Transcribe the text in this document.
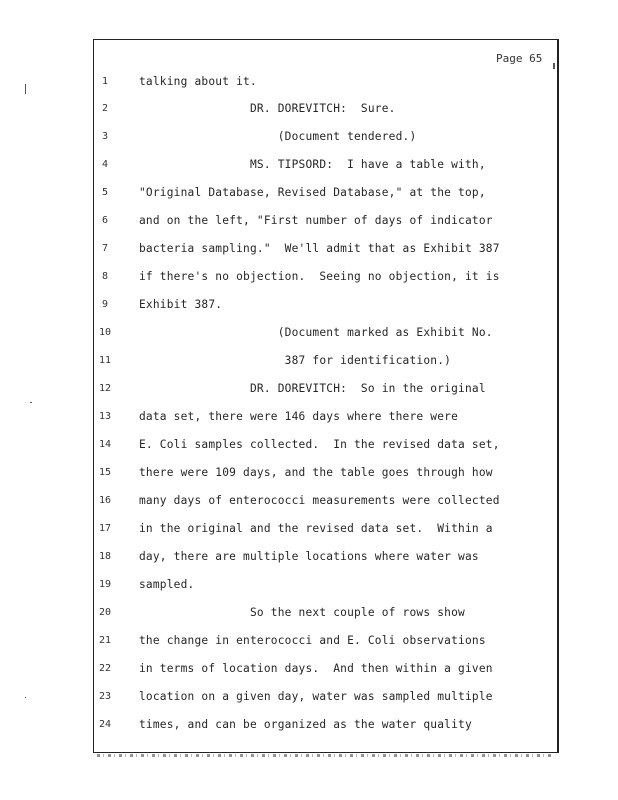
Page 65
1	talking about it.
2	DR. DOREVITCH:  Sure.
3	(Document tendered.)
4	MS. TIPSORD:  I have a table with,
5	"Original Database, Revised Database," at the top,
6	and on the left, "First number of days of indicator
7	bacteria sampling."  We'll admit that as Exhibit 387
8	if there's no objection.  Seeing no objection, it is
9	Exhibit 387.
10	(Document marked as Exhibit No.
11	387 for identification.)
12	DR. DOREVITCH:  So in the original
13	data set, there were 146 days where there were
14	E. Coli samples collected.  In the revised data set,
15	there were 109 days, and the table goes through how
16	many days of enterococci measurements were collected
17	in the original and the revised data set.  Within a
18	day, there are multiple locations where water was
19	sampled.
20	So the next couple of rows show
21	the change in enterococci and E. Coli observations
22	in terms of location days.  And then within a given
23	location on a given day, water was sampled multiple
24	times, and can be organized as the water quality
